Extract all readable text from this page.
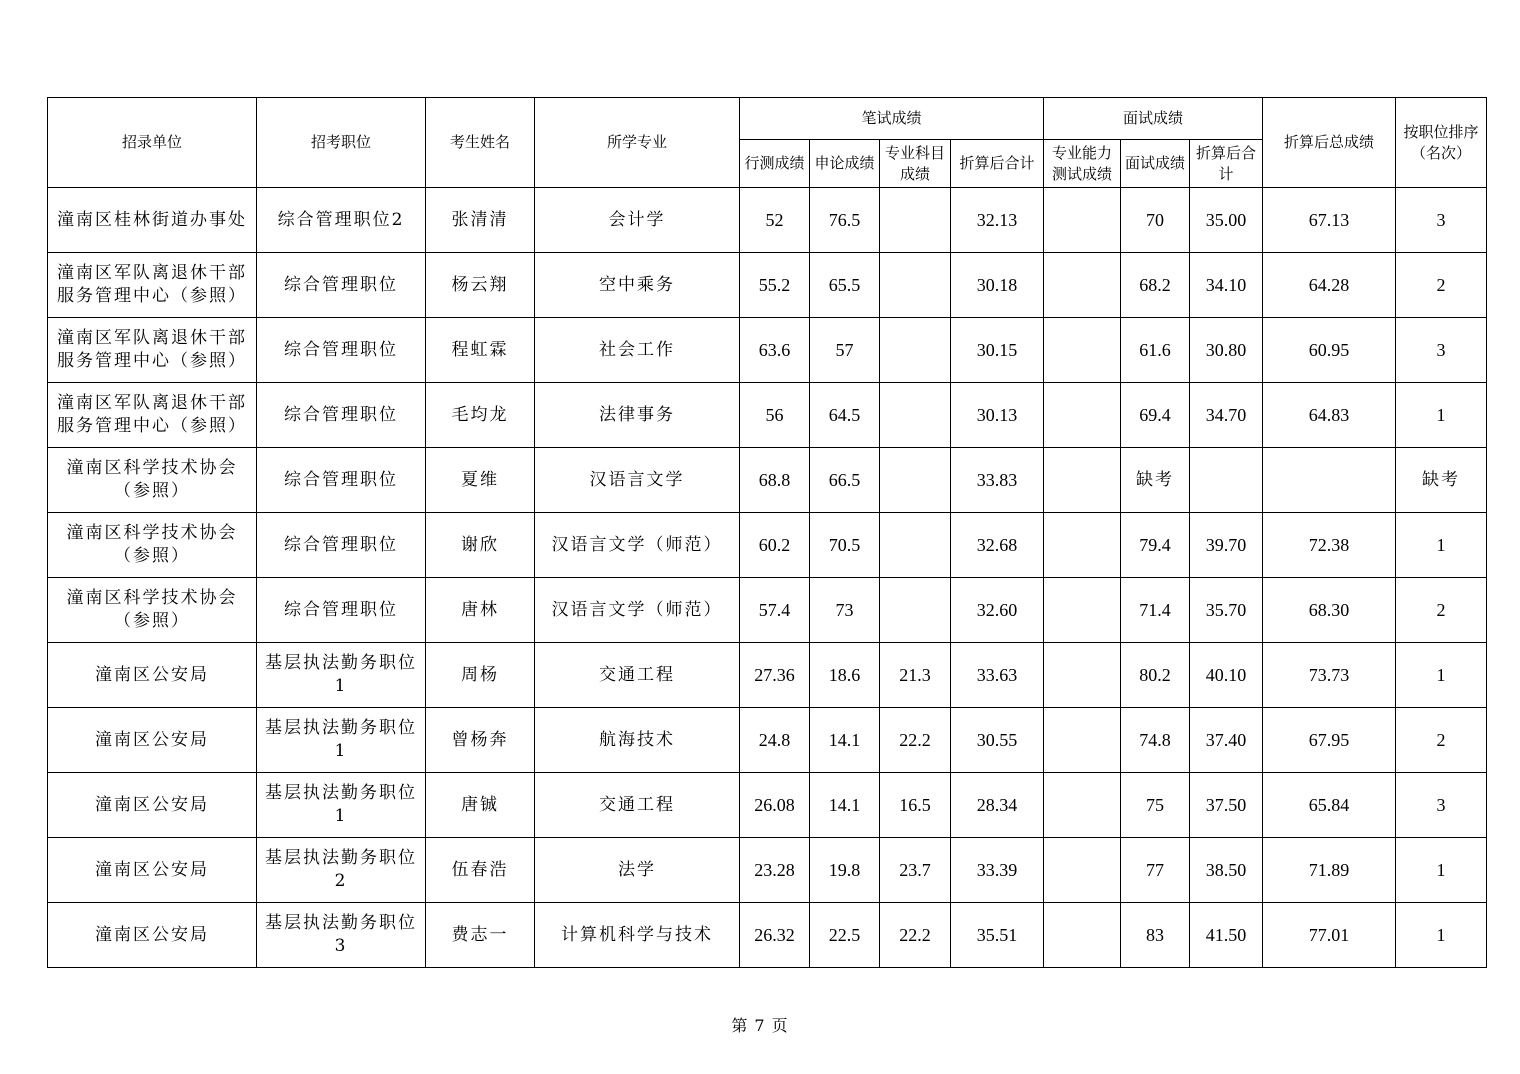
招录单位	招考职位	考生姓名	所学专业	笔试成绩				面试成绩			折算后总成绩	按职位排序（名次）
				行测成绩	申论成绩	专业科目成绩	折算后合计	专业能力测试成绩	面试成绩	折算后合计		
潼南区桂林街道办事处	综合管理职位2	张清清	会计学	52	76.5		32.13		70	35.00	67.13	3
潼南区军队离退休干部服务管理中心（参照）	综合管理职位	杨云翔	空中乘务	55.2	65.5		30.18		68.2	34.10	64.28	2
潼南区军队离退休干部服务管理中心（参照）	综合管理职位	程虹霖	社会工作	63.6	57		30.15		61.6	30.80	60.95	3
潼南区军队离退休干部服务管理中心（参照）	综合管理职位	毛均龙	法律事务	56	64.5		30.13		69.4	34.70	64.83	1
潼南区科学技术协会（参照）	综合管理职位	夏维	汉语言文学	68.8	66.5		33.83		缺考			缺考
潼南区科学技术协会（参照）	综合管理职位	谢欣	汉语言文学（师范）	60.2	70.5		32.68		79.4	39.70	72.38	1
潼南区科学技术协会（参照）	综合管理职位	唐林	汉语言文学（师范）	57.4	73		32.60		71.4	35.70	68.30	2
潼南区公安局	基层执法勤务职位1	周杨	交通工程	27.36	18.6	21.3	33.63		80.2	40.10	73.73	1
潼南区公安局	基层执法勤务职位1	曾杨奔	航海技术	24.8	14.1	22.2	30.55		74.8	37.40	67.95	2
潼南区公安局	基层执法勤务职位1	唐铖	交通工程	26.08	14.1	16.5	28.34		75	37.50	65.84	3
潼南区公安局	基层执法勤务职位2	伍春浩	法学	23.28	19.8	23.7	33.39		77	38.50	71.89	1
潼南区公安局	基层执法勤务职位3	费志一	计算机科学与技术	26.32	22.5	22.2	35.51		83	41.50	77.01	1
第 7 页
